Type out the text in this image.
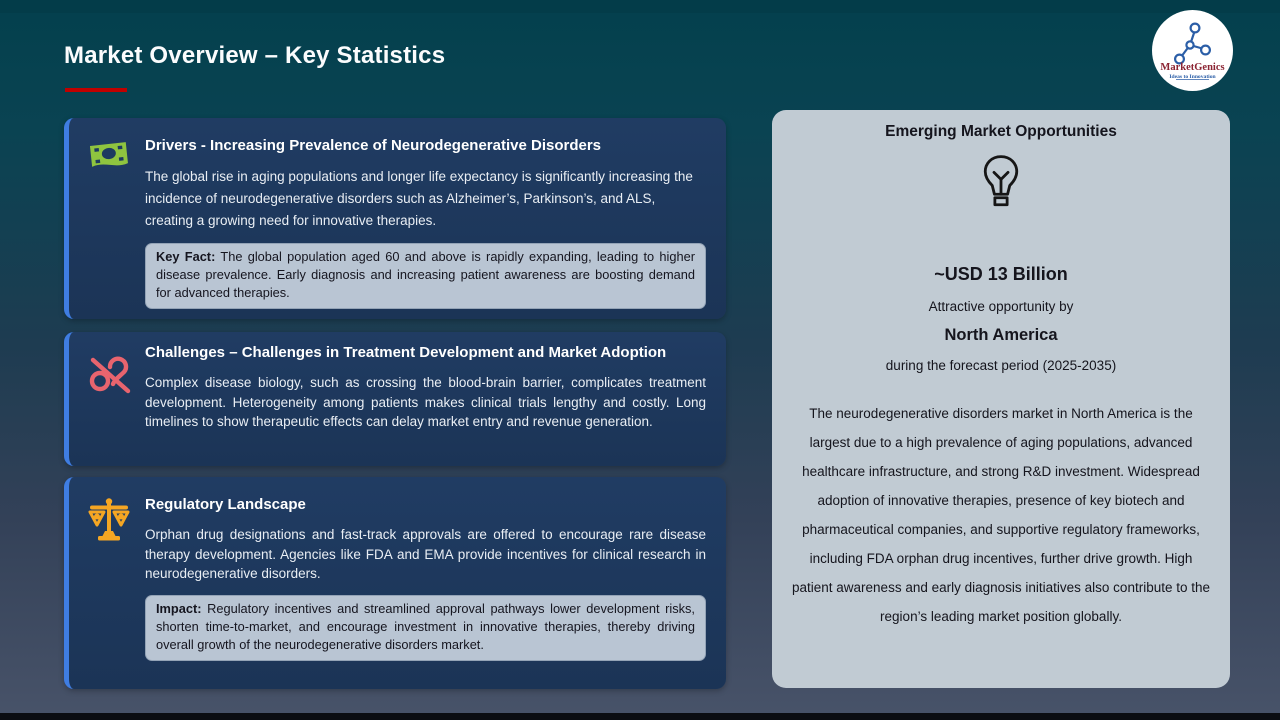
Market Overview – Key Statistics	MarketGenics
Ideas to Innovation
Drivers - Increasing Prevalence of Neurodegenerative Disorders
The global rise in aging populations and longer life expectancy is significantly increasing the incidence of neurodegenerative disorders such as Alzheimer’s, Parkinson’s, and ALS, creating a growing need for innovative therapies.
Key Fact: The global population aged 60 and above is rapidly expanding, leading to higher disease prevalence. Early diagnosis and increasing patient awareness are boosting demand for advanced therapies.
Challenges – Challenges in Treatment Development and Market Adoption
Complex disease biology, such as crossing the blood-brain barrier, complicates treatment development. Heterogeneity among patients makes clinical trials lengthy and costly. Long timelines to show therapeutic effects can delay market entry and revenue generation.
Regulatory Landscape
Orphan drug designations and fast-track approvals are offered to encourage rare disease therapy development. Agencies like FDA and EMA provide incentives for clinical research in neurodegenerative disorders.
Impact: Regulatory incentives and streamlined approval pathways lower development risks, shorten time-to-market, and encourage investment in innovative therapies, thereby driving overall growth of the neurodegenerative disorders market.
Emerging Market Opportunities
~USD 13 Billion
Attractive opportunity by
North America
during the forecast period (2025-2035)
The neurodegenerative disorders market in North America is the largest due to a high prevalence of aging populations, advanced healthcare infrastructure, and strong R&D investment. Widespread adoption of innovative therapies, presence of key biotech and pharmaceutical companies, and supportive regulatory frameworks, including FDA orphan drug incentives, further drive growth. High patient awareness and early diagnosis initiatives also contribute to the region’s leading market position globally.
